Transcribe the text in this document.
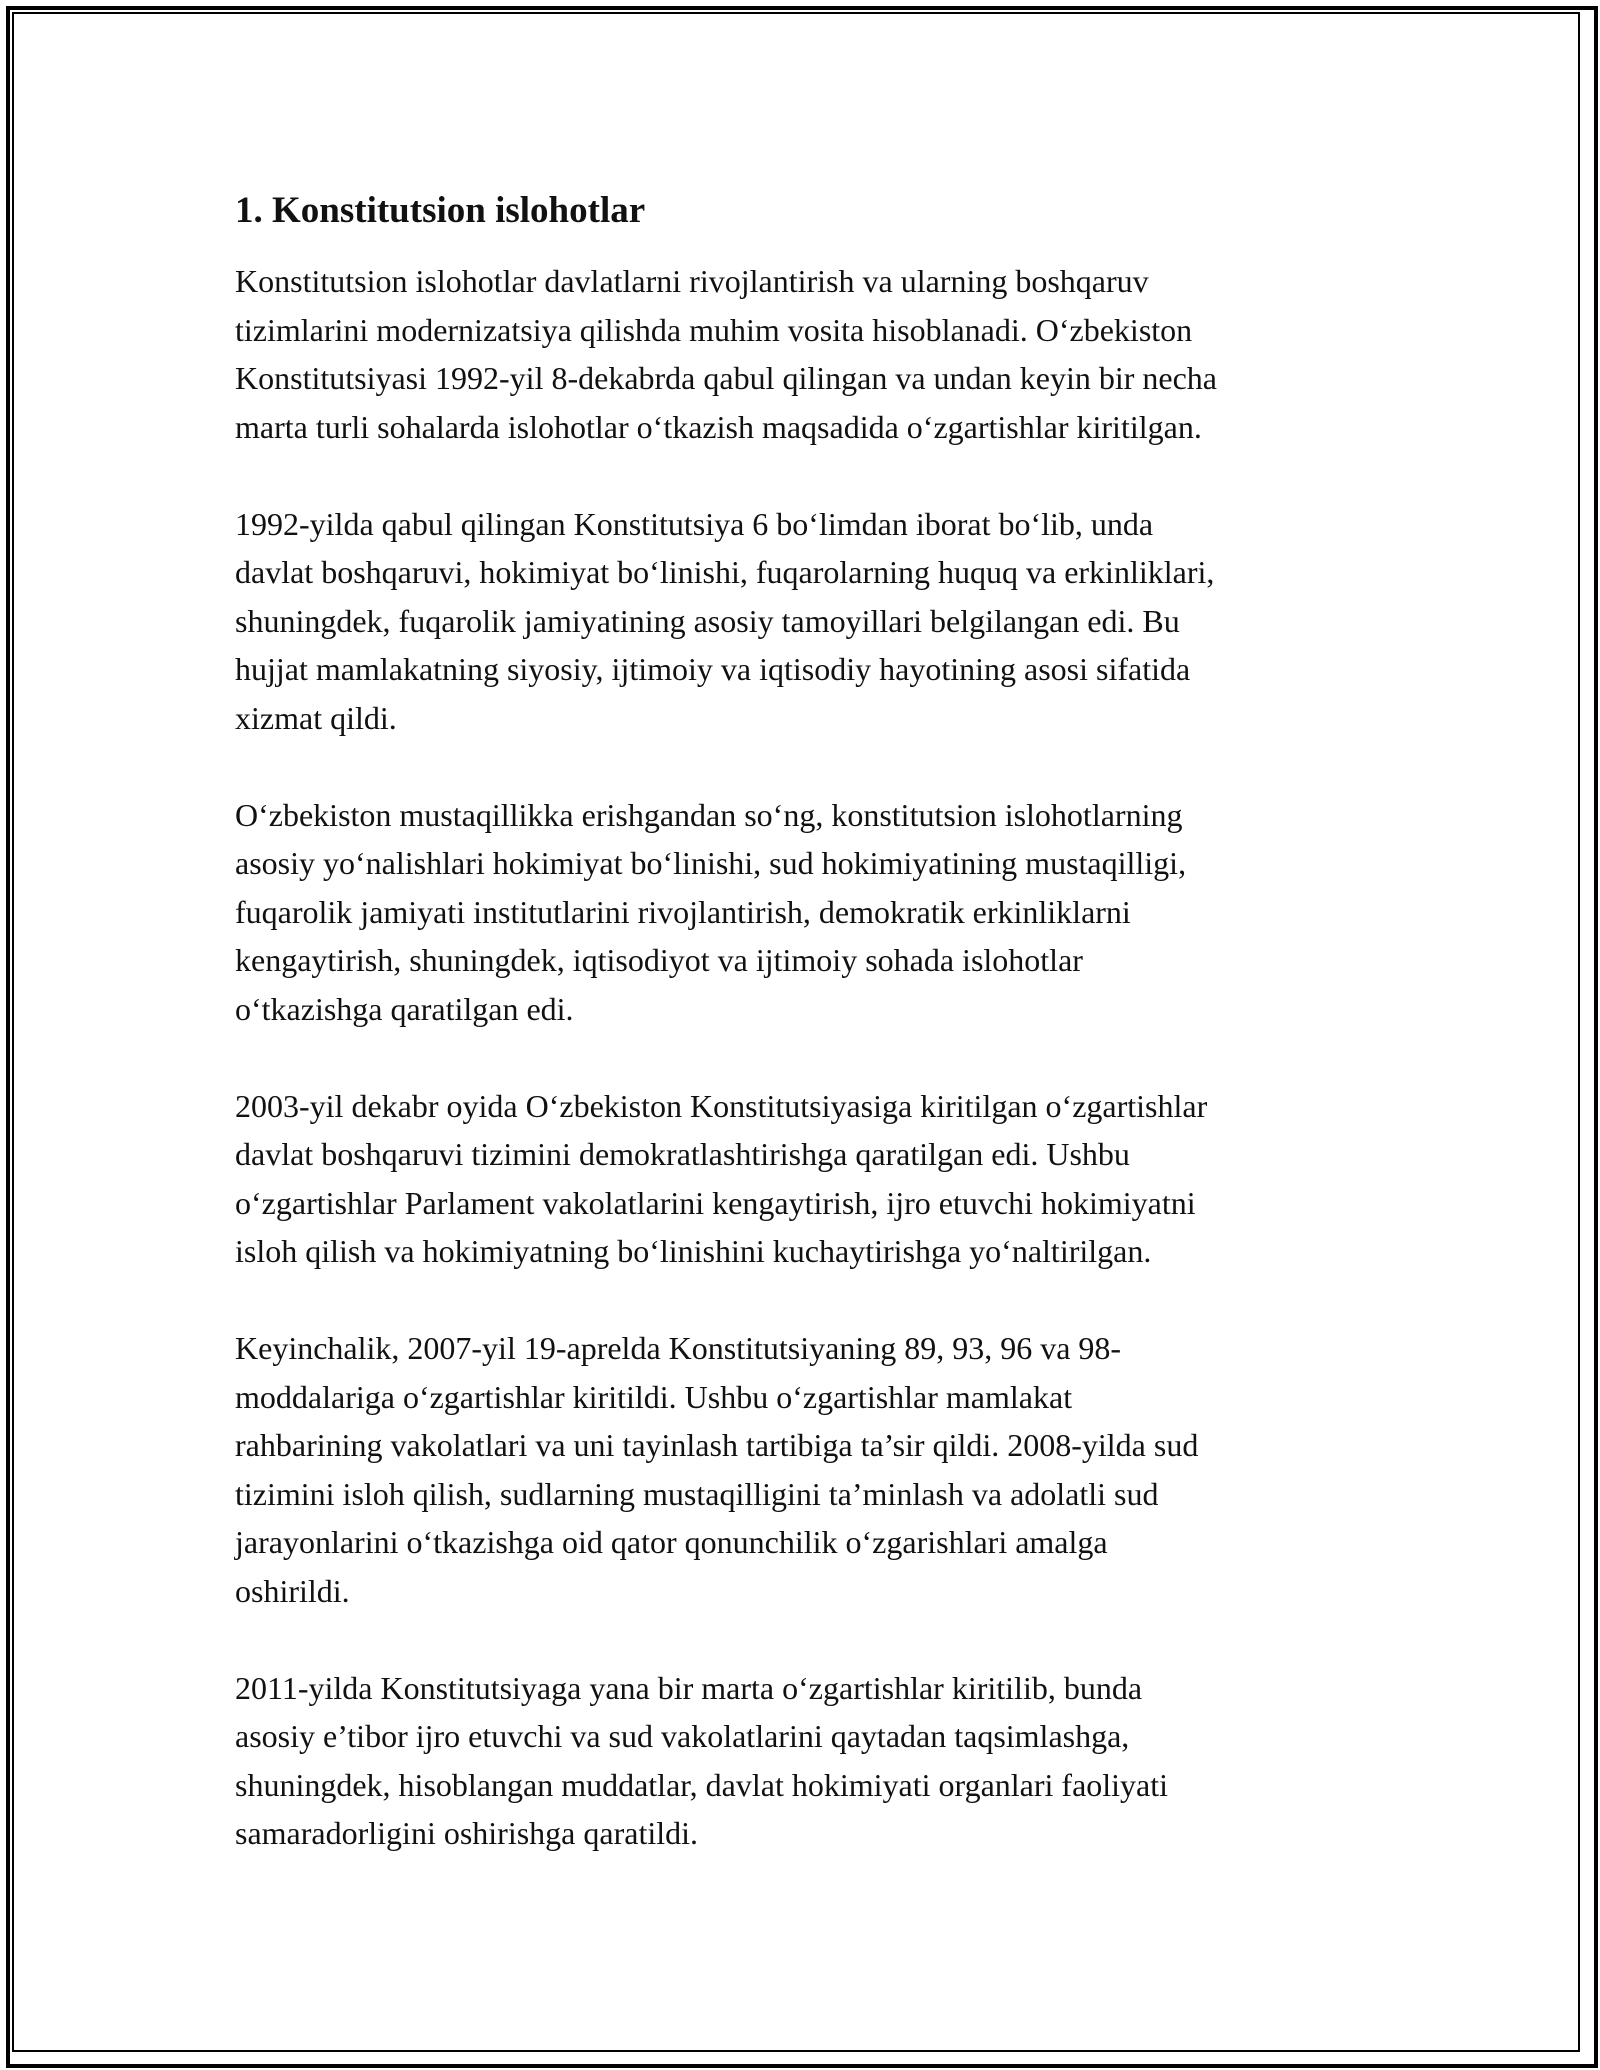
1. Konstitutsion islohotlar

Konstitutsion islohotlar davlatlarni rivojlantirish va ularning boshqaruv
tizimlarini modernizatsiya qilishda muhim vosita hisoblanadi. O‘zbekiston
Konstitutsiyasi 1992-yil 8-dekabrda qabul qilingan va undan keyin bir necha
marta turli sohalarda islohotlar o‘tkazish maqsadida o‘zgartishlar kiritilgan.

1992-yilda qabul qilingan Konstitutsiya 6 bo‘limdan iborat bo‘lib, unda
davlat boshqaruvi, hokimiyat bo‘linishi, fuqarolarning huquq va erkinliklari,
shuningdek, fuqarolik jamiyatining asosiy tamoyillari belgilangan edi. Bu
hujjat mamlakatning siyosiy, ijtimoiy va iqtisodiy hayotining asosi sifatida
xizmat qildi.

O‘zbekiston mustaqillikka erishgandan so‘ng, konstitutsion islohotlarning
asosiy yo‘nalishlari hokimiyat bo‘linishi, sud hokimiyatining mustaqilligi,
fuqarolik jamiyati institutlarini rivojlantirish, demokratik erkinliklarni
kengaytirish, shuningdek, iqtisodiyot va ijtimoiy sohada islohotlar
o‘tkazishga qaratilgan edi.

2003-yil dekabr oyida O‘zbekiston Konstitutsiyasiga kiritilgan o‘zgartishlar
davlat boshqaruvi tizimini demokratlashtirishga qaratilgan edi. Ushbu
o‘zgartishlar Parlament vakolatlarini kengaytirish, ijro etuvchi hokimiyatni
isloh qilish va hokimiyatning bo‘linishini kuchaytirishga yo‘naltirilgan.

Keyinchalik, 2007-yil 19-aprelda Konstitutsiyaning 89, 93, 96 va 98-
moddalariga o‘zgartishlar kiritildi. Ushbu o‘zgartishlar mamlakat
rahbarining vakolatlari va uni tayinlash tartibiga ta’sir qildi. 2008-yilda sud
tizimini isloh qilish, sudlarning mustaqilligini ta’minlash va adolatli sud
jarayonlarini o‘tkazishga oid qator qonunchilik o‘zgarishlari amalga
oshirildi.

2011-yilda Konstitutsiyaga yana bir marta o‘zgartishlar kiritilib, bunda
asosiy e’tibor ijro etuvchi va sud vakolatlarini qaytadan taqsimlashga,
shuningdek, hisoblangan muddatlar, davlat hokimiyati organlari faoliyati
samaradorligini oshirishga qaratildi.
